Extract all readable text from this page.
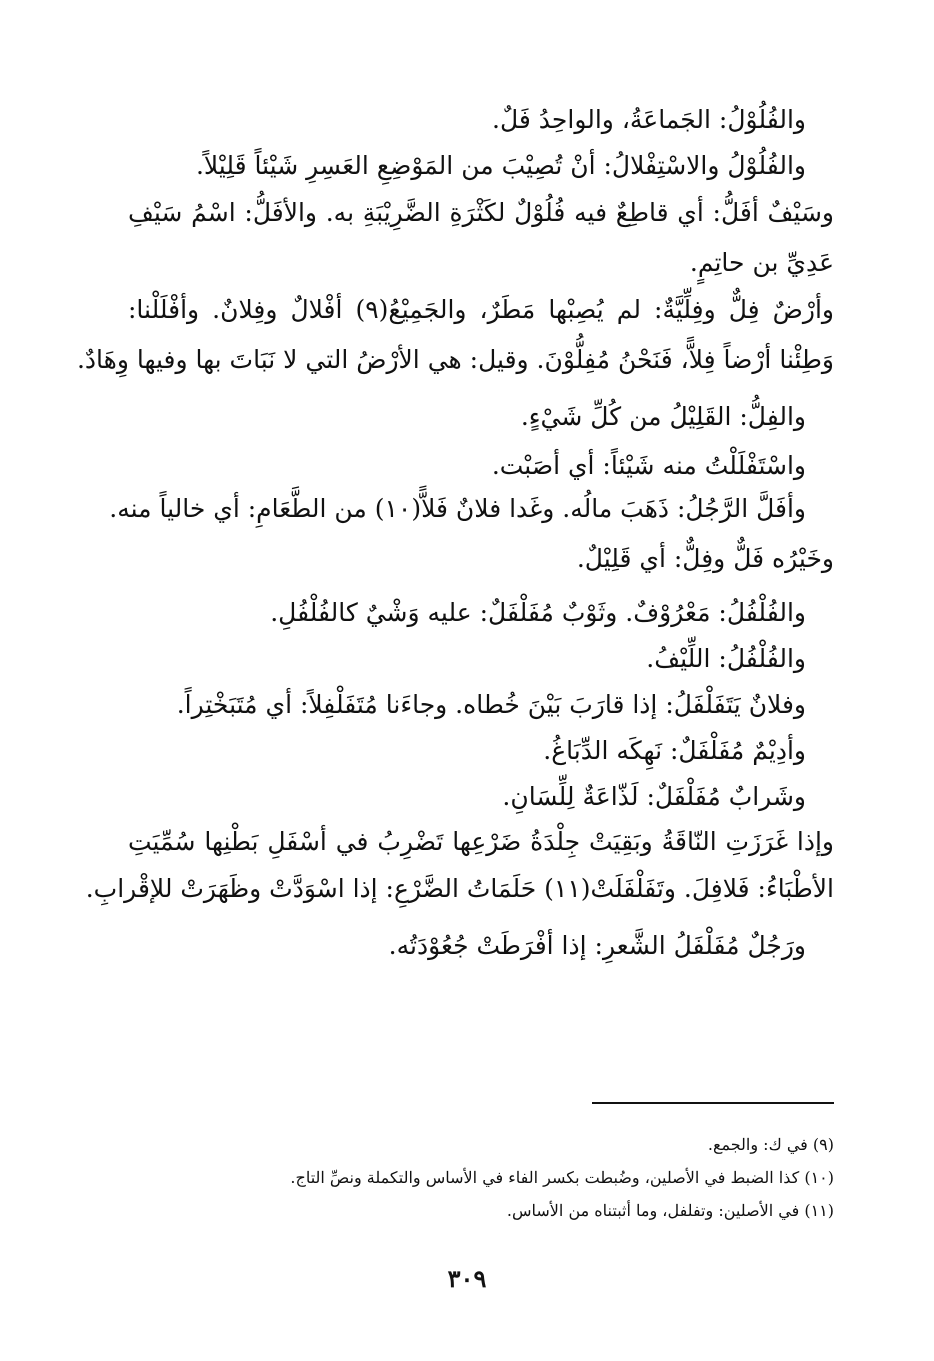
والفُلُوْلُ: الجَماعَةُ، والواحِدُ فَلٌ.
والفُلُوْلُ والاسْتِفْلالُ: أنْ تُصِيْبَ من المَوْضِعِ العَسِرِ شَيْئاً قَلِيْلاً.
وسَيْفٌ أفَلُّ: أي قاطِعٌ فيه فُلُوْلٌ لكَثْرَةِ الضَّرِيْبَةِ به. والأفَلُّ: اسْمُ سَيْفِ
عَدِيِّ بن حاتِمٍ.
وأرْضٌ فِلٌّ وفِلِّيَّةٌ: لم يُصِبْها مَطَرٌ، والجَمِيْعُ(٩) أفْلالٌ وفِلانٌ. وأفْلَلْنا:
وَطِئْنا أرْضاً فِلاًّ، فَنَحْنُ مُفِلُّوْنَ. وقيل: هي الأرْضُ التي لا نَبَاتَ بها وفيها وِهَادٌ.
والفِلُّ: القَلِيْلُ من كُلِّ شَيْءٍ.
واسْتَفْلَلْتُ منه شَيْئاً: أي أصَبْت.
وأفَلَّ الرَّجُلُ: ذَهَبَ مالُه. وغَدا فلانٌ فَلاًّ(١٠) من الطَّعَامِ: أي خالياً منه.
وخَيْرُه فَلٌّ وفِلٌّ: أي قَلِيْلٌ.
والفُلْفُلُ: مَعْرُوْفٌ. وثَوْبٌ مُفَلْفَلٌ: عليه وَشْيٌ كالفُلْفُلِ.
والفُلْفُلُ: اللِّيْفُ.
وفلانٌ يَتَفَلْفَلُ: إذا قارَبَ بَيْنَ خُطاه. وجاءَنا مُتَفَلْفِلاً: أي مُتَبَخْتِراً.
وأدِيْمٌ مُفَلْفَلٌ: نَهِكَه الدِّبَاغُ.
وشَرابٌ مُفَلْفَلٌ: لَذّاعَةٌ لِلِّسَانِ.
وإذا غَرَزَتِ النّاقَةُ وبَقِيَتْ جِلْدَةُ ضَرْعِها تَضْرِبُ في أسْفَلِ بَطْنِها سُمِّيَتِ
الأطْبَاءُ: فَلافِلَ. وتَفَلْفَلَتْ(١١) حَلَمَاتُ الضَّرْعِ: إذا اسْوَدَّتْ وظَهَرَتْ للإقْرابِ.
ورَجُلٌ مُفَلْفَلُ الشَّعرِ: إذا أفْرَطَتْ جُعُوْدَتُه.
(٩) في ك: والجمع.
(١٠) كذا الضبط في الأصلين، وضُبطت بكسر الفاء في الأساس والتكملة ونصِّ التاج.
(١١) في الأصلين: وتفلفل، وما أثبتناه من الأساس.
٣٠٩
